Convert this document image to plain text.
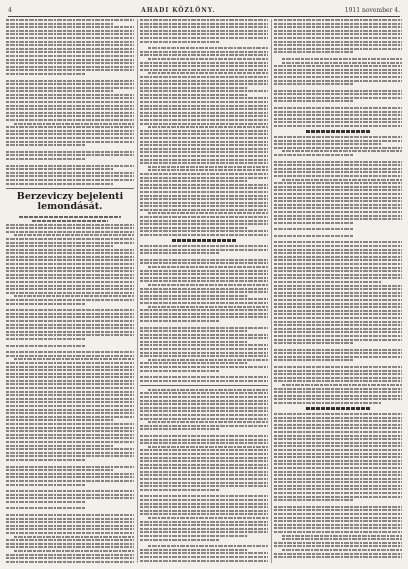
4	AHADI KÖZLÖNY.	1911 november 4.
Berzeviczy bejelenti lemondását.
